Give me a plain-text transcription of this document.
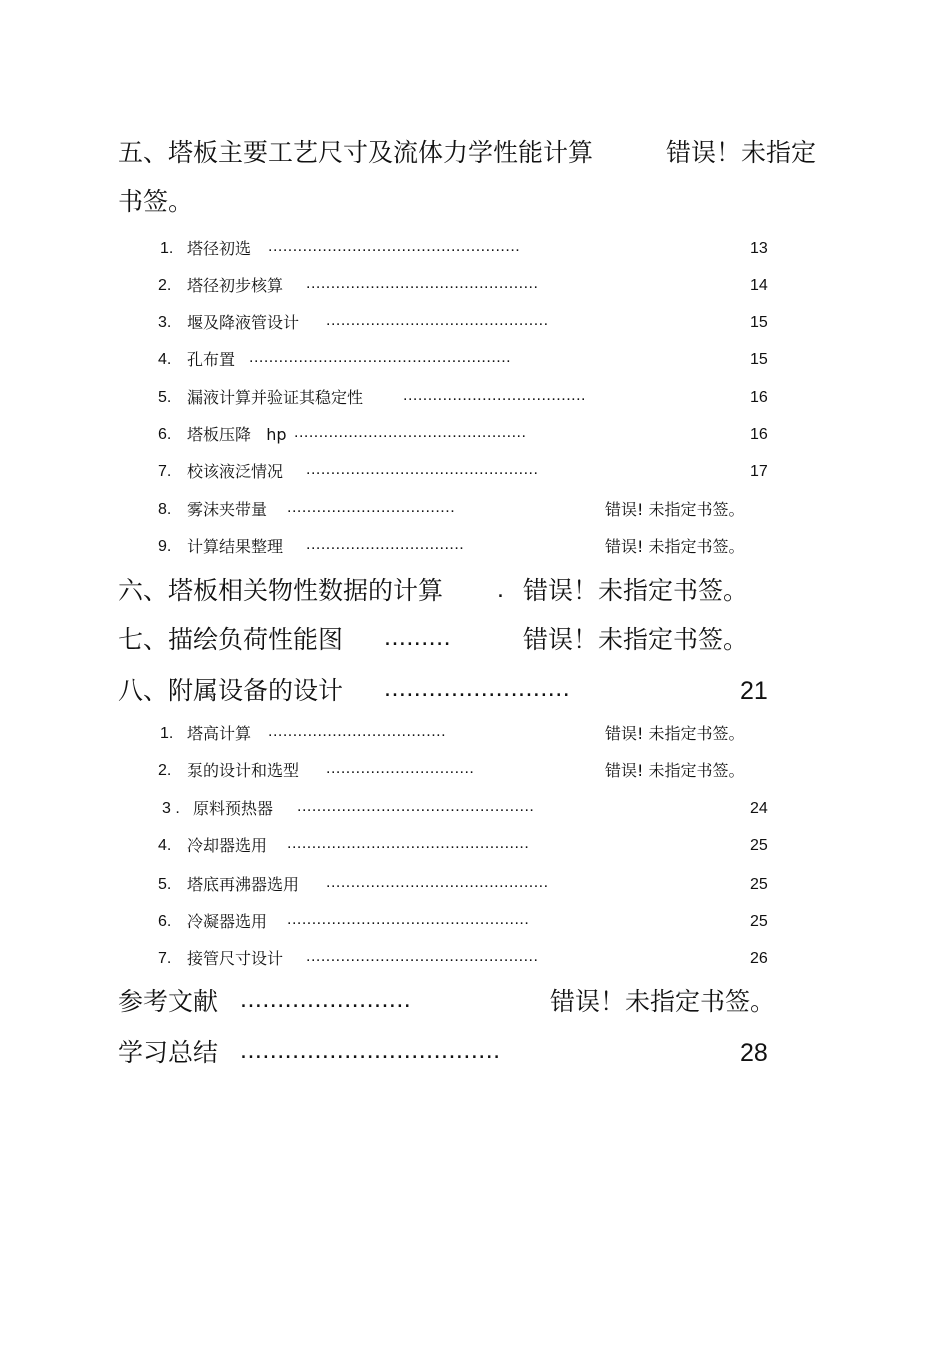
五、塔板主要工艺尺寸及流体力学性能计算	错误！未指定
书签。
1. 塔径初选 ...................................................	13
2. 塔径初步核算 ...............................................	14
3. 堰及降液管设计 .............................................	15
4. 孔布置 .....................................................	15
5. 漏液计算并验证其稳定性 .....................................	16
6. 塔板压降   hp ...............................................	16
7. 校该液泛情况 ...............................................	17
8. 雾沫夹带量 ..................................	错误! 未指定书签。
9. 计算结果整理 ................................	错误! 未指定书签。
六、塔板相关物性数据的计算 . 错误！未指定书签。
七、描绘负荷性能图 .........	错误！未指定书签。
八、附属设备的设计 .........................	21
1. 塔高计算 ....................................	错误! 未指定书签。
2. 泵的设计和选型 ..............................	错误! 未指定书签。
3 . 原料预热器 ................................................	24
4. 冷却器选用 .................................................	25
5. 塔底再沸器选用 .............................................	25
6. 冷凝器选用 .................................................	25
7. 接管尺寸设计 ...............................................	26
参考文献 .......................	错误！未指定书签。
学习总结 ...................................	28
